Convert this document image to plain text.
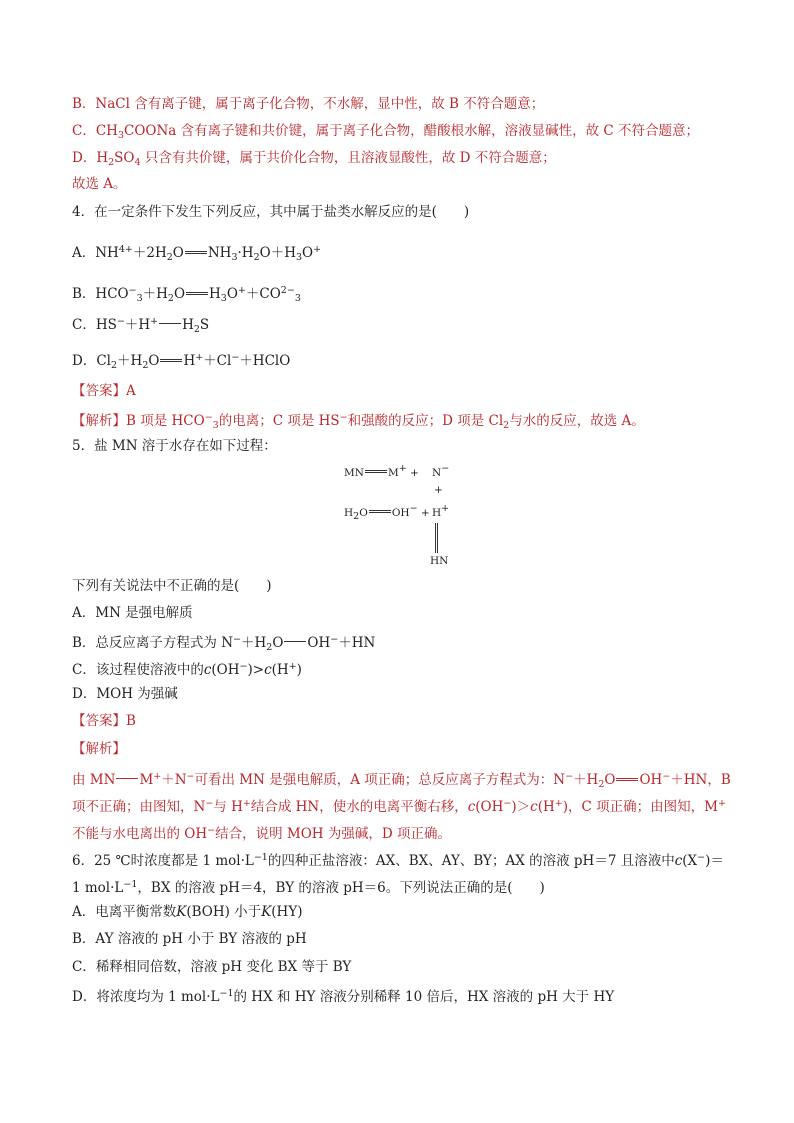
B．NaCl 含有离子键，属于离子化合物，不水解，显中性，故 B 不符合题意；
C．$CH_3COONa$ 含有离子键和共价键，属于离子化合物，醋酸根水解，溶液显碱性，故 C 不符合题意；
D．$H_2SO_4$ 只含有共价键，属于共价化合物，且溶液显酸性，故 D 不符合题意；
故选 A。
4．在一定条件下发生下列反应，其中属于盐类水解反应的是(　　)
A．$NH^{4+}+2H_2O$ $NH_3\cdot H_2O+H_3O^+$
B．$HCO^-_3+H_2O$ $H_3O^++CO^{2-}_3$
C．HS−＋H+ $H_2S$
D．$Cl_2+H_2O$ H+＋Cl−＋HClO
【答案】A
【解析】B 项是 $HCO^-_3$的电离；C 项是 HS−和强酸的反应；D 项是 $Cl_2$与水的反应，故选 A。
5．盐 MN 溶于水存在如下过程：
MN M+ + N−
+
H2O OH− + H+
HN
下列有关说法中不正确的是(　　)
A．MN 是强电解质
B．总反应离子方程式为 $N^-+H_2O$ OH−＋HN
C．该过程使溶液中的c(OH−)>c(H+)
D．MOH 为强碱
【答案】B
【解析】
由 MN M+＋N−可看出 MN 是强电解质，A 项正确；总反应离子方程式为：$N^-+H_2O$ OH−＋HN，B
项不正确；由图知，N−与 H+结合成 HN，使水的电离平衡右移，c(OH−)＞c(H+)，C 项正确；由图知，M+
不能与水电离出的 OH−结合，说明 MOH 为强碱，D 项正确。
6．25 ℃时浓度都是 1 $mol\cdot L^{-1}$的四种正盐溶液：AX、BX、AY、BY；AX 的溶液 pH＝7 且溶液中c(X−)＝
1 $mol\cdot L^{-1}$，BX 的溶液 pH＝4，BY 的溶液 pH＝6。下列说法正确的是(　　)
A．电离平衡常数K(BOH) 小于K(HY)
B．AY 溶液的 pH 小于 BY 溶液的 pH
C．稀释相同倍数，溶液 pH 变化 BX 等于 BY
D．将浓度均为 1 $mol\cdot L^{-1}$的 HX 和 HY 溶液分别稀释 10 倍后，HX 溶液的 pH 大于 HY
